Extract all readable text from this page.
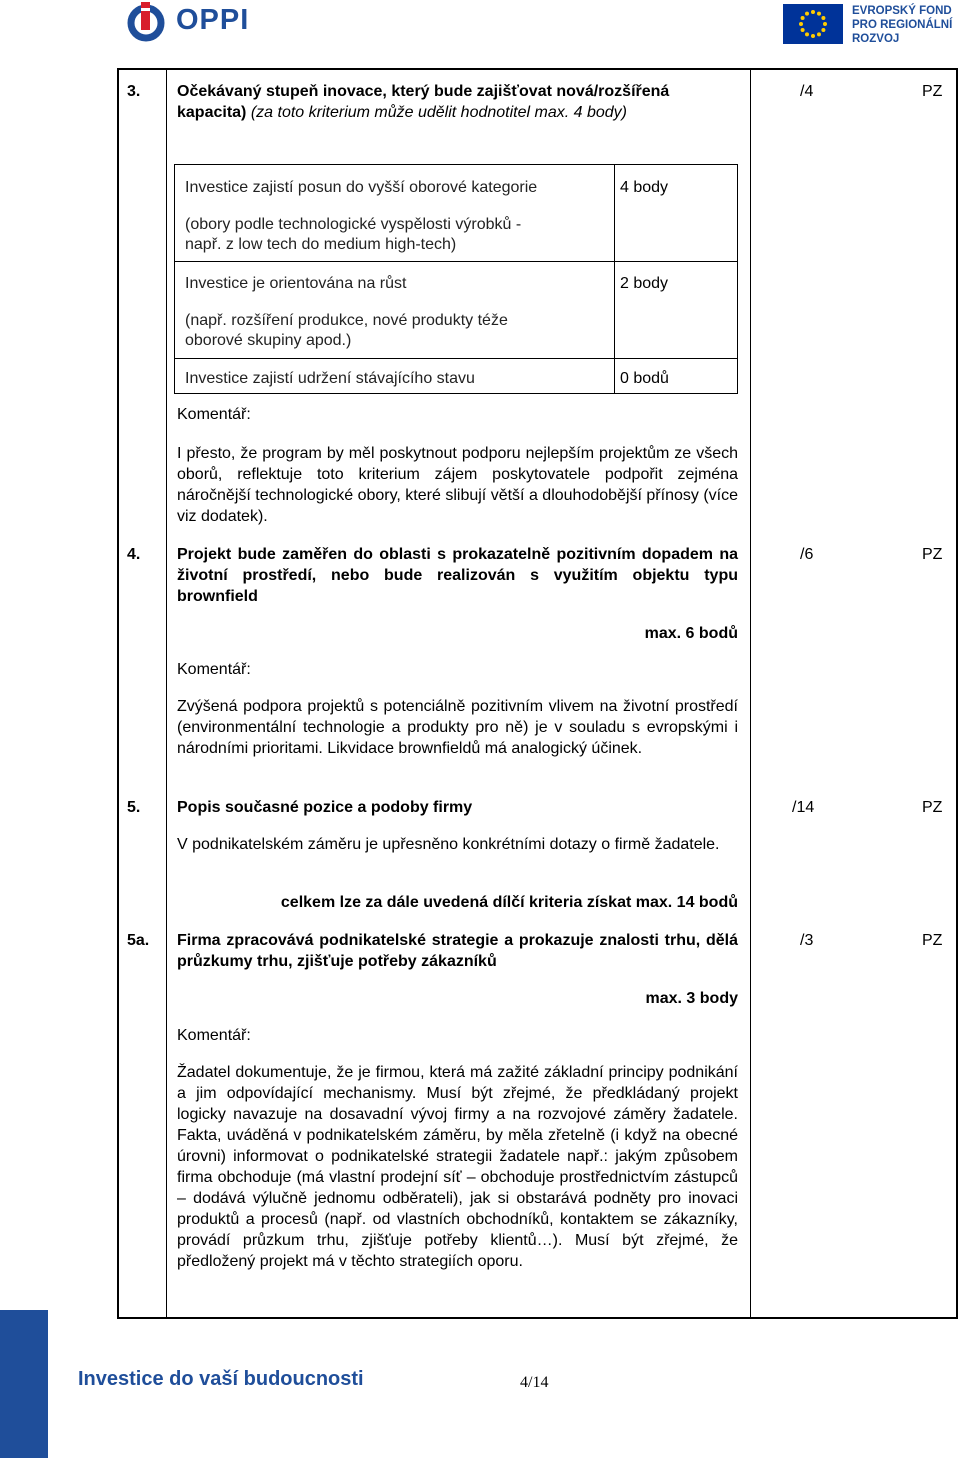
OPPI	EVROPSKÝ FOND
PRO REGIONÁLNÍ
ROZVOJ
3. Očekávaný stupeň inovace, který bude zajišťovat nová/rozšířená kapacita) (za toto kriterium může udělit hodnotitel max. 4 body)
/4	PZ
Investice zajistí posun do vyšší oborové kategorie
(obory podle technologické vyspělosti výrobků -
např. z low tech do medium high-tech)
4 body
Investice je orientována na růst
(např. rozšíření produkce, nové produkty téže
oborové skupiny apod.)
2 body
Investice zajistí udržení stávajícího stavu	0 bodů
Komentář:
I přesto, že program by měl poskytnout podporu nejlepším projektům ze všech oborů, reflektuje toto kriterium zájem poskytovatele podpořit zejména náročnější technologické obory, které slibují větší a dlouhodobější přínosy (více viz dodatek).
4. Projekt bude zaměřen do oblasti s prokazatelně pozitivním dopadem na životní prostředí, nebo bude realizován s využitím objektu typu brownfield
/6	PZ
max. 6 bodů
Komentář:
Zvýšená podpora projektů s potenciálně pozitivním vlivem na životní prostředí (environmentální technologie a produkty pro ně) je v souladu s evropskými i národními prioritami. Likvidace brownfieldů má analogický účinek.
5. Popis současné pozice a podoby firmy	/14	PZ
V podnikatelském záměru je upřesněno konkrétními dotazy o firmě žadatele.
celkem lze za dále uvedená dílčí kriteria získat max. 14 bodů
5a. Firma zpracovává podnikatelské strategie a prokazuje znalosti trhu, dělá průzkumy trhu, zjišťuje potřeby zákazníků
/3	PZ
max. 3 body
Komentář:
Žadatel dokumentuje, že je firmou, která má zažité základní principy podnikání a jim odpovídající mechanismy. Musí být zřejmé, že předkládaný projekt logicky navazuje na dosavadní vývoj firmy a na rozvojové záměry žadatele. Fakta, uváděná v podnikatelském záměru, by měla zřetelně (i když na obecné úrovni) informovat o podnikatelské strategii žadatele např.: jakým způsobem firma obchoduje (má vlastní prodejní síť – obchoduje prostřednictvím zástupců – dodává výlučně jednomu odběrateli), jak si obstarává podněty pro inovaci produktů a procesů (např. od vlastních obchodníků, kontaktem se zákazníky, provádí průzkum trhu, zjišťuje potřeby klientů…). Musí být zřejmé, že předložený projekt má v těchto strategiích oporu.
Investice do vaší budoucnosti	4/14
